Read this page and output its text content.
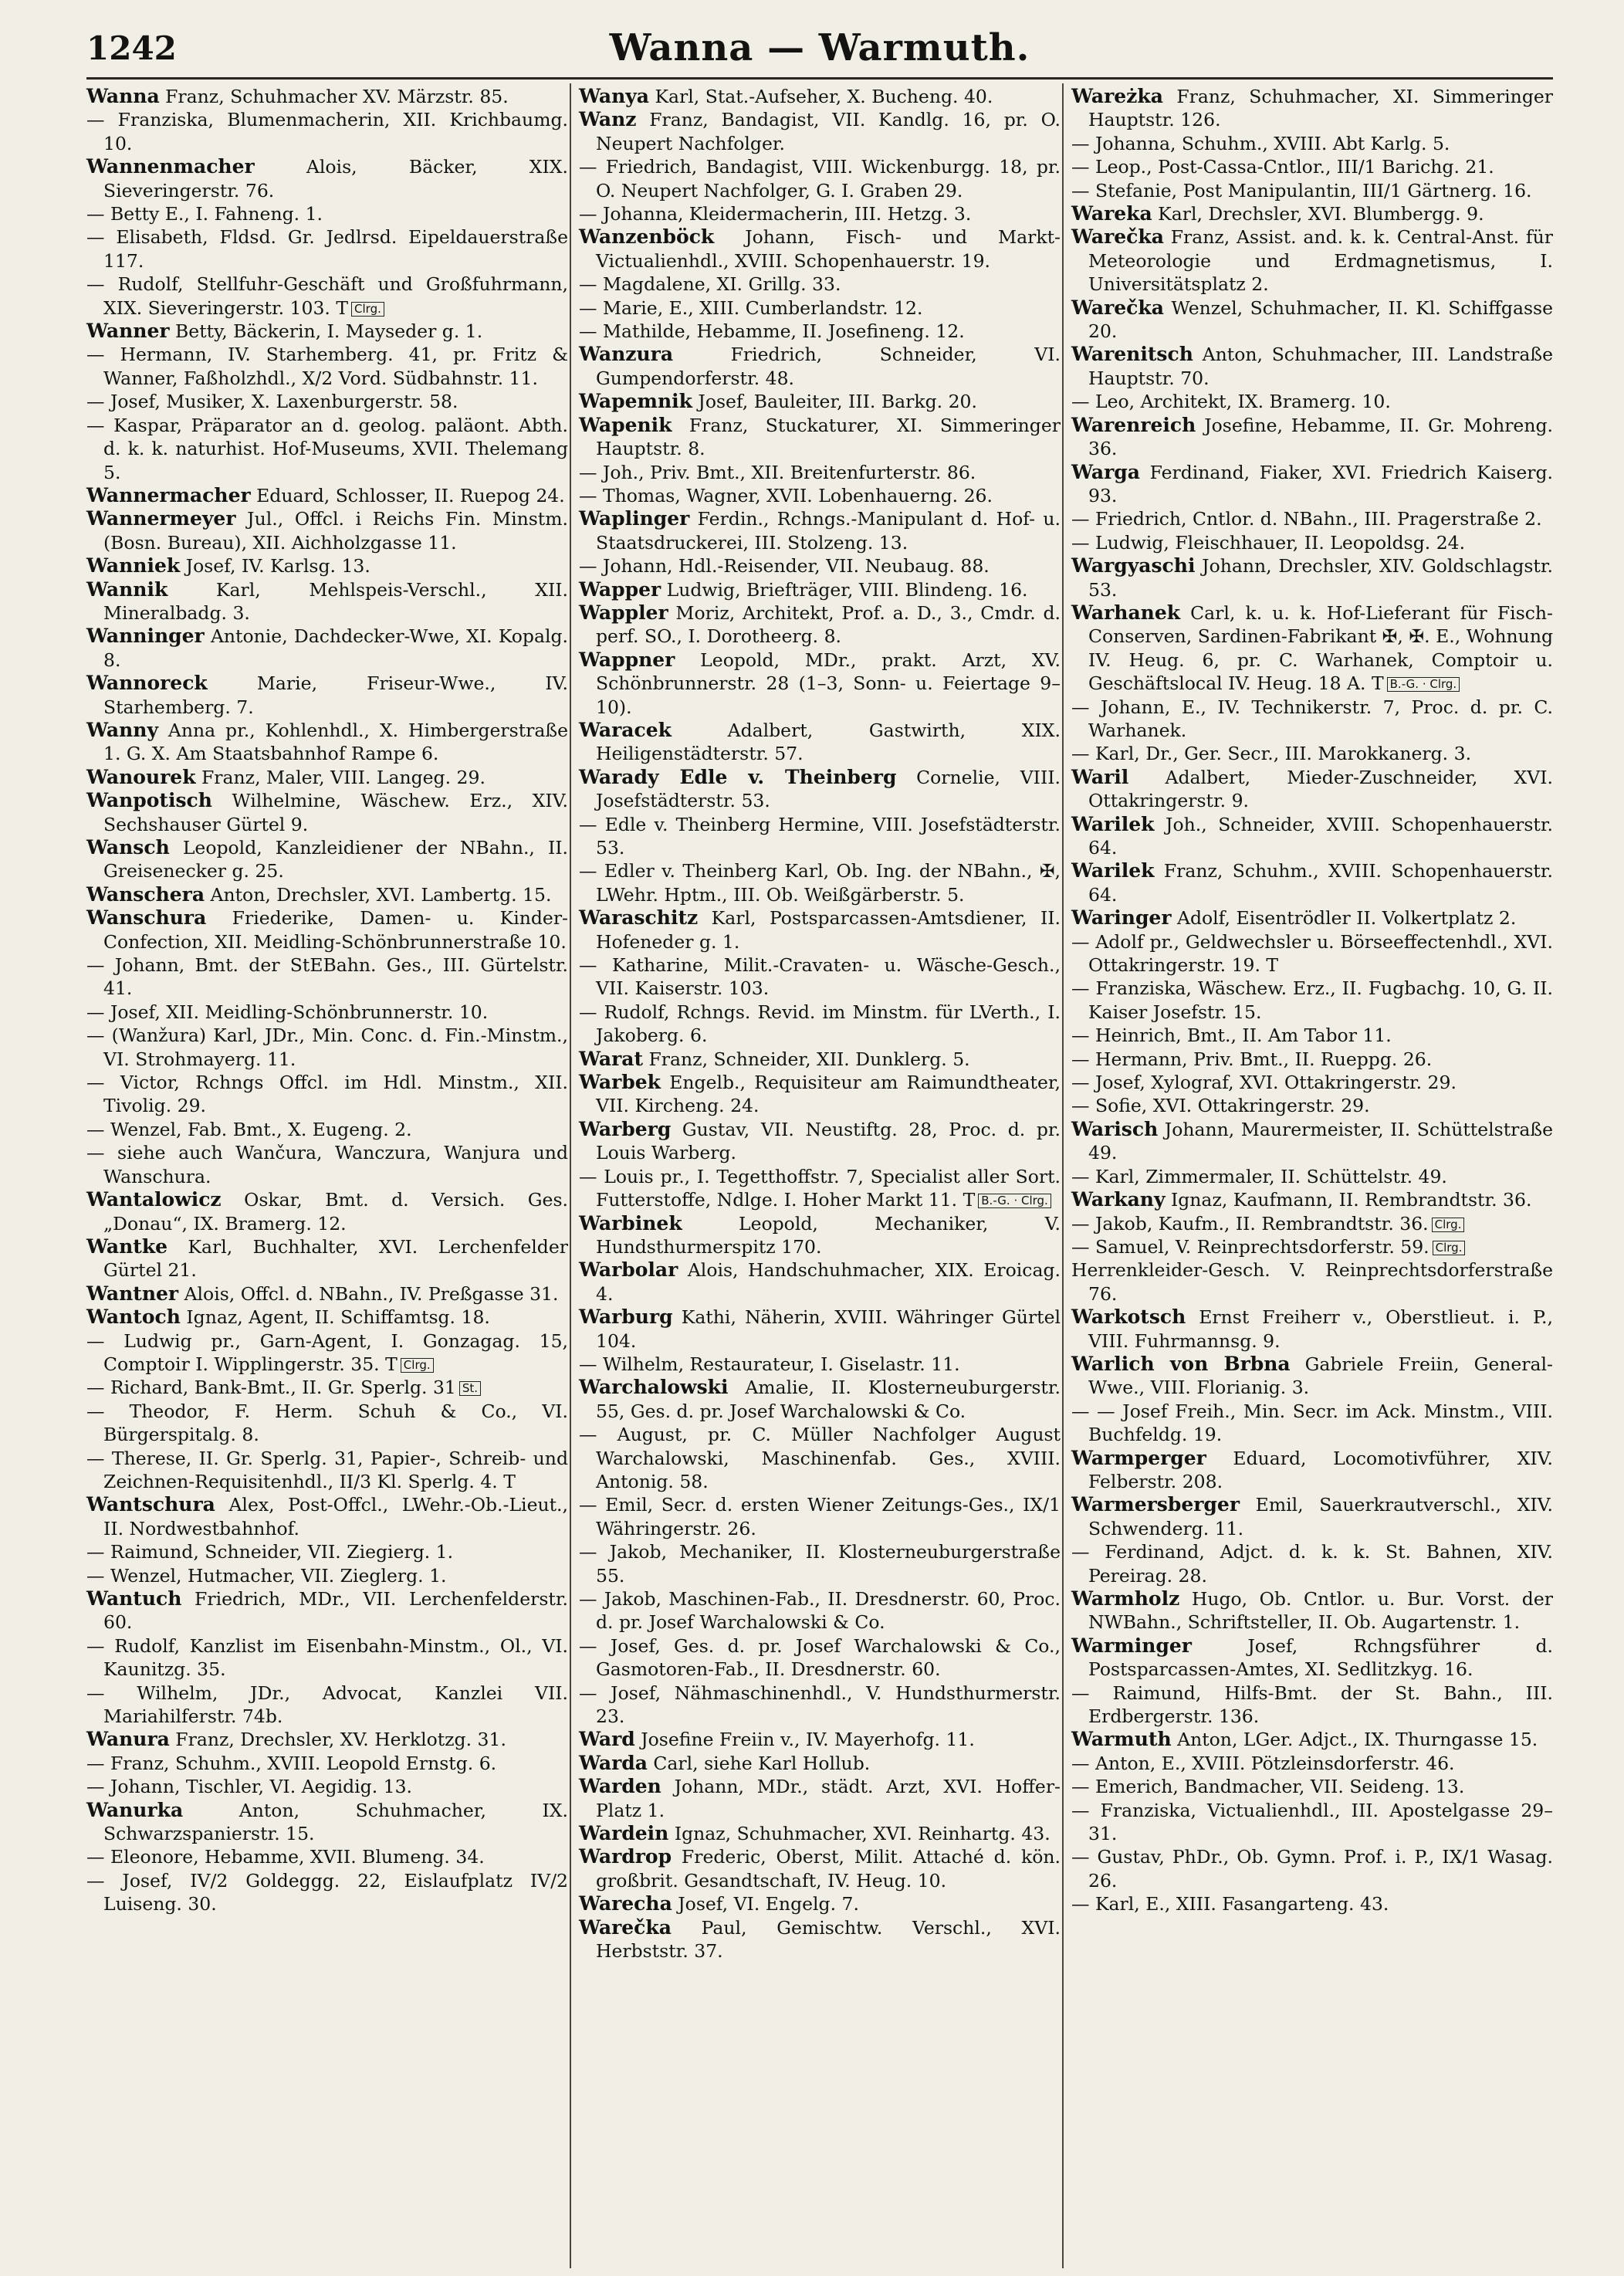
1242	Wanna — Warmuth.

Wanna Franz, Schuhmacher XV. Märzstr. 85.

— Franziska, Blumenmacherin, XII. Krichbaumg. 10.

Wannenmacher Alois, Bäcker, XIX. Sieveringerstr. 76.

— Betty E., I. Fahneng. 1.

— Elisabeth, Fldsd. Gr. Jedlrsd. Eipeldauerstraße 117.

— Rudolf, Stellfuhr-Geschäft und Großfuhrmann, XIX. Sieveringerstr. 103. T Clrg.

Wanner Betty, Bäckerin, I. Mayseder g. 1.

— Hermann, IV. Starhemberg. 41, pr. Fritz & Wanner, Faßholzhdl., X/2 Vord. Südbahnstr. 11.

— Josef, Musiker, X. Laxenburgerstr. 58.

— Kaspar, Präparator an d. geolog. paläont. Abth. d. k. k. naturhist. Hof-Museums, XVII. Thelemang 5.

Wannermacher Eduard, Schlosser, II. Ruepog 24.

Wannermeyer Jul., Offcl. i Reichs Fin. Minstm. (Bosn. Bureau), XII. Aichholzgasse 11.

Wanniek Josef, IV. Karlsg. 13.

Wannik Karl, Mehlspeis-Verschl., XII. Mineralbadg. 3.

Wanninger Antonie, Dachdecker-Wwe, XI. Kopalg. 8.

Wannoreck Marie, Friseur-Wwe., IV. Starhemberg. 7.

Wanny Anna pr., Kohlenhdl., X. Himbergerstraße 1. G. X. Am Staatsbahnhof Rampe 6.

Wanourek Franz, Maler, VIII. Langeg. 29.

Wanpotisch Wilhelmine, Wäschew. Erz., XIV. Sechshauser Gürtel 9.

Wansch Leopold, Kanzleidiener der NBahn., II. Greisenecker g. 25.

Wanschera Anton, Drechsler, XVI. Lambertg. 15.

Wanschura Friederike, Damen- u. Kinder-Confection, XII. Meidling-Schönbrunnerstraße 10.

— Johann, Bmt. der StEBahn. Ges., III. Gürtelstr. 41.

— Josef, XII. Meidling-Schönbrunnerstr. 10.

— (Wanžura) Karl, JDr., Min. Conc. d. Fin.-Minstm., VI. Strohmayerg. 11.

— Victor, Rchngs Offcl. im Hdl. Minstm., XII. Tivolig. 29.

— Wenzel, Fab. Bmt., X. Eugeng. 2.

— siehe auch Wančura, Wanczura, Wanjura und Wanschura.

Wantalowicz Oskar, Bmt. d. Versich. Ges. „Donau“, IX. Bramerg. 12.

Wantke Karl, Buchhalter, XVI. Lerchenfelder Gürtel 21.

Wantner Alois, Offcl. d. NBahn., IV. Preßgasse 31.

Wantoch Ignaz, Agent, II. Schiffamtsg. 18.

— Ludwig pr., Garn-Agent, I. Gonzagag. 15, Comptoir I. Wipplingerstr. 35. T Clrg.

— Richard, Bank-Bmt., II. Gr. Sperlg. 31 St.

— Theodor, F. Herm. Schuh & Co., VI. Bürgerspitalg. 8.

— Therese, II. Gr. Sperlg. 31, Papier-, Schreib- und Zeichnen-Requisitenhdl., II/3 Kl. Sperlg. 4. T

Wantschura Alex, Post-Offcl., LWehr.-Ob.-Lieut., II. Nordwestbahnhof.

— Raimund, Schneider, VII. Ziegierg. 1.

— Wenzel, Hutmacher, VII. Zieglerg. 1.

Wantuch Friedrich, MDr., VII. Lerchenfelderstr. 60.

— Rudolf, Kanzlist im Eisenbahn-Minstm., Ol., VI. Kaunitzg. 35.

— Wilhelm, JDr., Advocat, Kanzlei VII. Mariahilferstr. 74b.

Wanura Franz, Drechsler, XV. Herklotzg. 31.

— Franz, Schuhm., XVIII. Leopold Ernstg. 6.

— Johann, Tischler, VI. Aegidig. 13.

Wanurka Anton, Schuhmacher, IX. Schwarzspanierstr. 15.

— Eleonore, Hebamme, XVII. Blumeng. 34.

— Josef, IV/2 Goldeggg. 22, Eislaufplatz IV/2 Luiseng. 30.

Wanya Karl, Stat.-Aufseher, X. Bucheng. 40.

Wanz Franz, Bandagist, VII. Kandlg. 16, pr. O. Neupert Nachfolger.

— Friedrich, Bandagist, VIII. Wickenburgg. 18, pr. O. Neupert Nachfolger, G. I. Graben 29.

— Johanna, Kleidermacherin, III. Hetzg. 3.

Wanzenböck Johann, Fisch- und Markt-Victualienhdl., XVIII. Schopenhauerstr. 19.

— Magdalene, XI. Grillg. 33.

— Marie, E., XIII. Cumberlandstr. 12.

— Mathilde, Hebamme, II. Josefineng. 12.

Wanzura Friedrich, Schneider, VI. Gumpendorferstr. 48.

Wapemnik Josef, Bauleiter, III. Barkg. 20.

Wapenik Franz, Stuckaturer, XI. Simmeringer Hauptstr. 8.

— Joh., Priv. Bmt., XII. Breitenfurterstr. 86.

— Thomas, Wagner, XVII. Lobenhauerng. 26.

Waplinger Ferdin., Rchngs.-Manipulant d. Hof- u. Staatsdruckerei, III. Stolzeng. 13.

— Johann, Hdl.-Reisender, VII. Neubaug. 88.

Wapper Ludwig, Briefträger, VIII. Blindeng. 16.

Wappler Moriz, Architekt, Prof. a. D., 3., Cmdr. d. perf. SO., I. Dorotheerg. 8.

Wappner Leopold, MDr., prakt. Arzt, XV. Schönbrunnerstr. 28 (1–3, Sonn- u. Feiertage 9–10).

Waracek Adalbert, Gastwirth, XIX. Heiligenstädterstr. 57.

Warady Edle v. Theinberg Cornelie, VIII. Josefstädterstr. 53.

— Edle v. Theinberg Hermine, VIII. Josefstädterstr. 53.

— Edler v. Theinberg Karl, Ob. Ing. der NBahn., ✠, LWehr. Hptm., III. Ob. Weißgärberstr. 5.

Waraschitz Karl, Postsparcassen-Amtsdiener, II. Hofeneder g. 1.

— Katharine, Milit.-Cravaten- u. Wäsche-Gesch., VII. Kaiserstr. 103.

— Rudolf, Rchngs. Revid. im Minstm. für LVerth., I. Jakoberg. 6.

Warat Franz, Schneider, XII. Dunklerg. 5.

Warbek Engelb., Requisiteur am Raimundtheater, VII. Kircheng. 24.

Warberg Gustav, VII. Neustiftg. 28, Proc. d. pr. Louis Warberg.

— Louis pr., I. Tegetthoffstr. 7, Specialist aller Sort. Futterstoffe, Ndlge. I. Hoher Markt 11. T B.-G. · Clrg.

Warbinek Leopold, Mechaniker, V. Hundsthurmerspitz 170.

Warbolar Alois, Handschuhmacher, XIX. Eroicag. 4.

Warburg Kathi, Näherin, XVIII. Währinger Gürtel 104.

— Wilhelm, Restaurateur, I. Giselastr. 11.

Warchalowski Amalie, II. Klosterneuburgerstr. 55, Ges. d. pr. Josef Warchalowski & Co.

— August, pr. C. Müller Nachfolger August Warchalowski, Maschinenfab. Ges., XVIII. Antonig. 58.

— Emil, Secr. d. ersten Wiener Zeitungs-Ges., IX/1 Währingerstr. 26.

— Jakob, Mechaniker, II. Klosterneuburgerstraße 55.

— Jakob, Maschinen-Fab., II. Dresdnerstr. 60, Proc. d. pr. Josef Warchalowski & Co.

— Josef, Ges. d. pr. Josef Warchalowski & Co., Gasmotoren-Fab., II. Dresdnerstr. 60.

— Josef, Nähmaschinenhdl., V. Hundsthurmerstr. 23.

Ward Josefine Freiin v., IV. Mayerhofg. 11.

Warda Carl, siehe Karl Hollub.

Warden Johann, MDr., städt. Arzt, XVI. Hoffer-Platz 1.

Wardein Ignaz, Schuhmacher, XVI. Reinhartg. 43.

Wardrop Frederic, Oberst, Milit. Attaché d. kön. großbrit. Gesandtschaft, IV. Heug. 10.

Warecha Josef, VI. Engelg. 7.

Warečka Paul, Gemischtw. Verschl., XVI. Herbststr. 37.

Wareżka Franz, Schuhmacher, XI. Simmeringer Hauptstr. 126.

— Johanna, Schuhm., XVIII. Abt Karlg. 5.

— Leop., Post-Cassa-Cntlor., III/1 Barichg. 21.

— Stefanie, Post Manipulantin, III/1 Gärtnerg. 16.

Wareka Karl, Drechsler, XVI. Blumbergg. 9.

Warečka Franz, Assist. and. k. k. Central-Anst. für Meteorologie und Erdmagnetismus, I. Universitätsplatz 2.

Warečka Wenzel, Schuhmacher, II. Kl. Schiffgasse 20.

Warenitsch Anton, Schuhmacher, III. Landstraße Hauptstr. 70.

— Leo, Architekt, IX. Bramerg. 10.

Warenreich Josefine, Hebamme, II. Gr. Mohreng. 36.

Warga Ferdinand, Fiaker, XVI. Friedrich Kaiserg. 93.

— Friedrich, Cntlor. d. NBahn., III. Pragerstraße 2.

— Ludwig, Fleischhauer, II. Leopoldsg. 24.

Wargyaschi Johann, Drechsler, XIV. Goldschlagstr. 53.

Warhanek Carl, k. u. k. Hof-Lieferant für Fisch-Conserven, Sardinen-Fabrikant ✠, ✠. E., Wohnung IV. Heug. 6, pr. C. Warhanek, Comptoir u. Geschäftslocal IV. Heug. 18 A. T B.-G. · Clrg.

— Johann, E., IV. Technikerstr. 7, Proc. d. pr. C. Warhanek.

— Karl, Dr., Ger. Secr., III. Marokkanerg. 3.

Waril Adalbert, Mieder-Zuschneider, XVI. Ottakringerstr. 9.

Warilek Joh., Schneider, XVIII. Schopenhauerstr. 64.

Warilek Franz, Schuhm., XVIII. Schopenhauerstr. 64.

Waringer Adolf, Eisentrödler II. Volkertplatz 2.

— Adolf pr., Geldwechsler u. Börseeffectenhdl., XVI. Ottakringerstr. 19. T

— Franziska, Wäschew. Erz., II. Fugbachg. 10, G. II. Kaiser Josefstr. 15.

— Heinrich, Bmt., II. Am Tabor 11.

— Hermann, Priv. Bmt., II. Rueppg. 26.

— Josef, Xylograf, XVI. Ottakringerstr. 29.

— Sofie, XVI. Ottakringerstr. 29.

Warisch Johann, Maurermeister, II. Schüttelstraße 49.

— Karl, Zimmermaler, II. Schüttelstr. 49.

Warkany Ignaz, Kaufmann, II. Rembrandtstr. 36.

— Jakob, Kaufm., II. Rembrandtstr. 36. Clrg.

— Samuel, V. Reinprechtsdorferstr. 59. Clrg.

Herrenkleider-Gesch. V. Reinprechtsdorferstraße 76.

Warkotsch Ernst Freiherr v., Oberstlieut. i. P., VIII. Fuhrmannsg. 9.

Warlich von Brbna Gabriele Freiin, General-Wwe., VIII. Florianig. 3.

— — Josef Freih., Min. Secr. im Ack. Minstm., VIII. Buchfeldg. 19.

Warmperger Eduard, Locomotivführer, XIV. Felberstr. 208.

Warmersberger Emil, Sauerkrautverschl., XIV. Schwenderg. 11.

— Ferdinand, Adjct. d. k. k. St. Bahnen, XIV. Pereirag. 28.

Warmholz Hugo, Ob. Cntlor. u. Bur. Vorst. der NWBahn., Schriftsteller, II. Ob. Augartenstr. 1.

Warminger Josef, Rchngsführer d. Postsparcassen-Amtes, XI. Sedlitzkyg. 16.

— Raimund, Hilfs-Bmt. der St. Bahn., III. Erdbergerstr. 136.

Warmuth Anton, LGer. Adjct., IX. Thurngasse 15.

— Anton, E., XVIII. Pötzleinsdorferstr. 46.

— Emerich, Bandmacher, VII. Seideng. 13.

— Franziska, Victualienhdl., III. Apostelgasse 29–31.

— Gustav, PhDr., Ob. Gymn. Prof. i. P., IX/1 Wasag. 26.

— Karl, E., XIII. Fasangarteng. 43.
